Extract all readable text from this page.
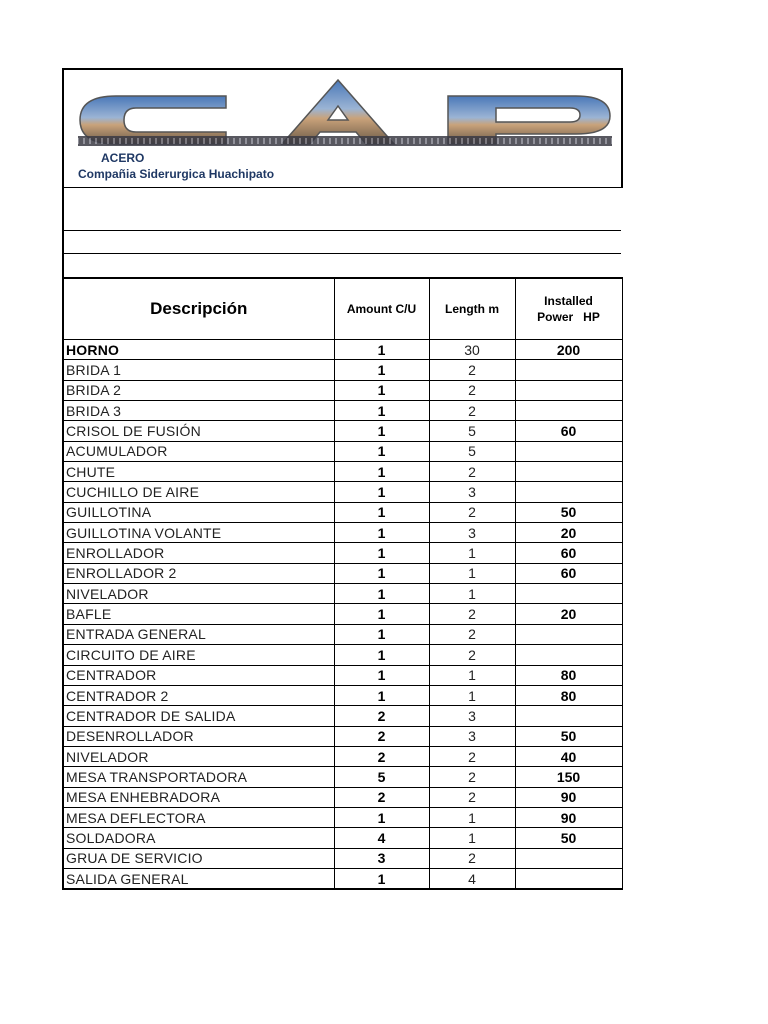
ACERO
Compañia Siderurgica Huachipato
Descripción	Amount C/U	Length m	Installed
Power   HP

HORNO	1	30	200
BRIDA 1	1	2	
BRIDA 2	1	2	
BRIDA 3	1	2	
CRISOL DE FUSIÓN	1	5	60
ACUMULADOR	1	5	
CHUTE	1	2	
CUCHILLO DE AIRE	1	3	
GUILLOTINA	1	2	50
GUILLOTINA VOLANTE	1	3	20
ENROLLADOR	1	1	60
ENROLLADOR 2	1	1	60
NIVELADOR	1	1	
BAFLE	1	2	20
ENTRADA GENERAL	1	2	
CIRCUITO DE AIRE	1	2	
CENTRADOR	1	1	80
CENTRADOR 2	1	1	80
CENTRADOR DE SALIDA	2	3	
DESENROLLADOR	2	3	50
NIVELADOR	2	2	40
MESA TRANSPORTADORA	5	2	150
MESA ENHEBRADORA	2	2	90
MESA DEFLECTORA	1	1	90
SOLDADORA	4	1	50
GRUA DE SERVICIO	3	2	
SALIDA GENERAL	1	4	
